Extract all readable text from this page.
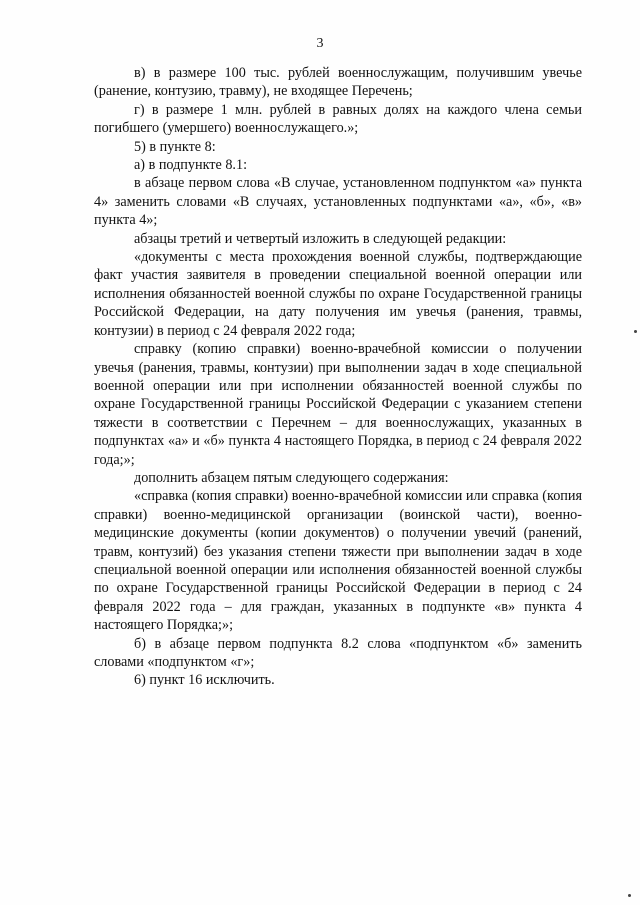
3

в) в размере 100 тыс. рублей военнослужащим, получившим увечье (ранение, контузию, травму), не входящее Перечень;

г) в размере 1 млн. рублей в равных долях на каждого члена семьи погибшего (умершего) военнослужащего.»;

5) в пункте 8:

а) в подпункте 8.1:

в абзаце первом слова «В случае, установленном подпунктом «а» пункта 4» заменить словами «В случаях, установленных подпунктами «а», «б», «в» пункта 4»;

абзацы третий и четвертый изложить в следующей редакции:

«документы с места прохождения военной службы, подтверждающие факт участия заявителя в проведении специальной военной операции или исполнения обязанностей военной службы по охране Государственной границы Российской Федерации, на дату получения им увечья (ранения, травмы, контузии) в период с 24 февраля 2022 года;

справку (копию справки) военно-врачебной комиссии о получении увечья (ранения, травмы, контузии) при выполнении задач в ходе специальной военной операции или при исполнении обязанностей военной службы по охране Государственной границы Российской Федерации с указанием степени тяжести в соответствии с Перечнем – для военнослужащих, указанных в подпунктах «а» и «б» пункта 4 настоящего Порядка, в период с 24 февраля 2022 года;»;

дополнить абзацем пятым следующего содержания:

«справка (копия справки) военно-врачебной комиссии или справка (копия справки) военно-медицинской организации (воинской части), военно-медицинские документы (копии документов) о получении увечий (ранений, травм, контузий) без указания степени тяжести при выполнении задач в ходе специальной военной операции или исполнения обязанностей военной службы по охране Государственной границы Российской Федерации в период с 24 февраля 2022 года – для граждан, указанных в подпункте «в» пункта 4 настоящего Порядка;»;

б) в абзаце первом подпункта 8.2 слова «подпунктом «б» заменить словами «подпунктом «г»;

6) пункт 16 исключить.
